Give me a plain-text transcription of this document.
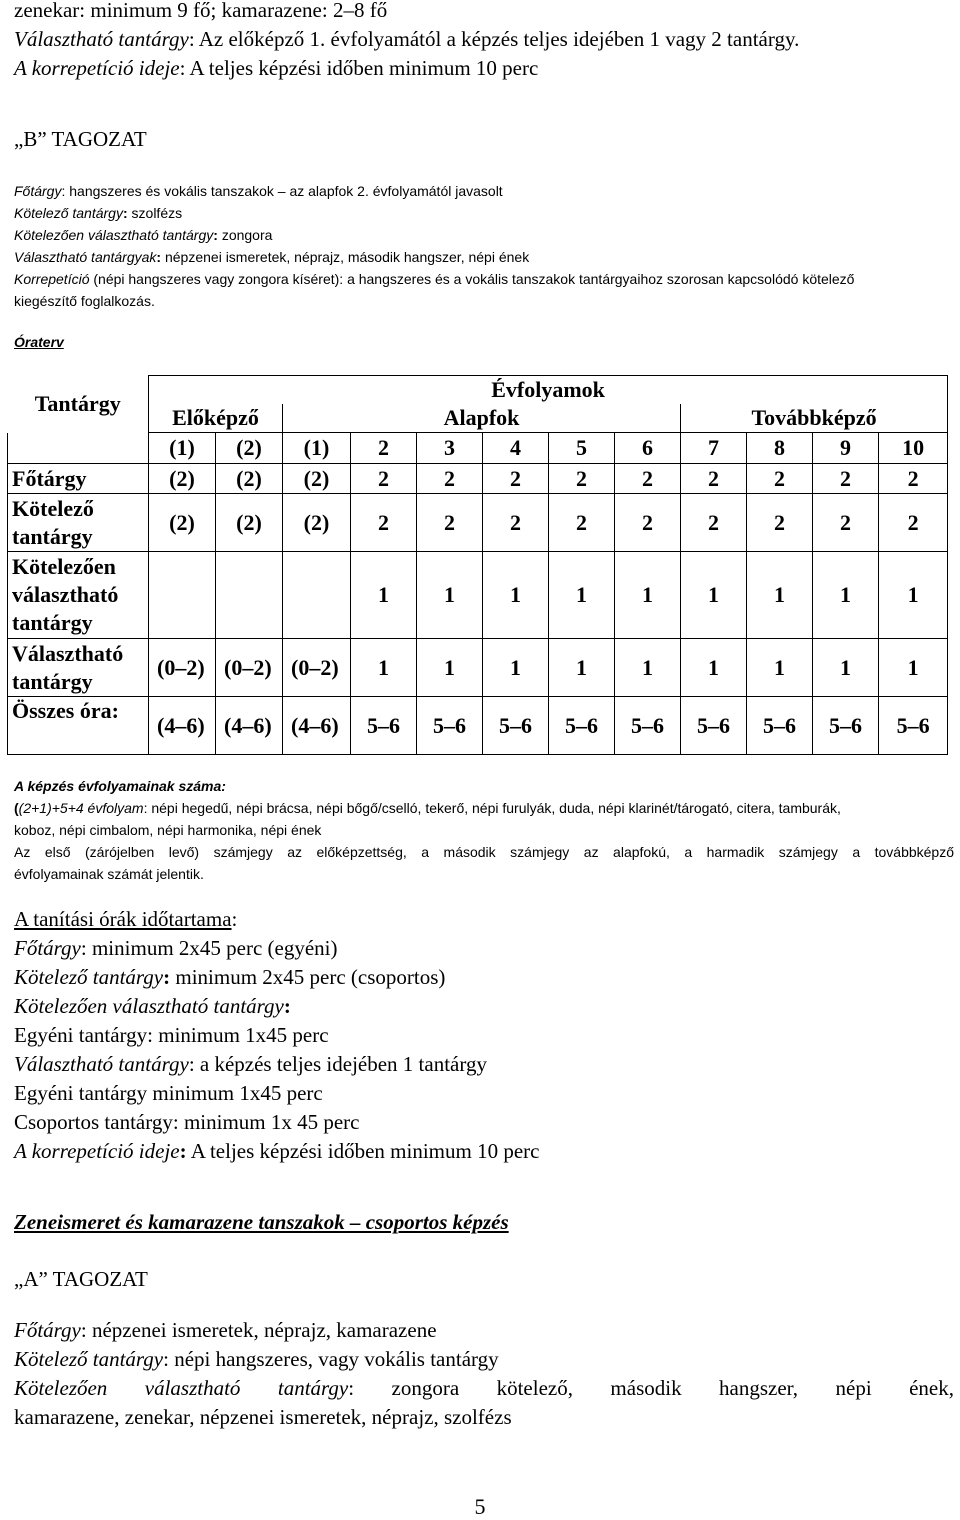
zenekar: minimum 9 fő; kamarazene: 2–8 fő
Választható tantárgy: Az előképző 1. évfolyamától a képzés teljes idejében 1 vagy 2 tantárgy.
A korrepetíció ideje: A teljes képzési időben minimum 10 perc
„B” TAGOZAT
Főtárgy: hangszeres és vokális tanszakok – az alapfok 2. évfolyamától javasolt
Kötelező tantárgy: szolfézs
Kötelezően választható tantárgy: zongora
Választható tantárgyak: népzenei ismeretek, néprajz, második hangszer, népi ének
Korrepetíció (népi hangszeres vagy zongora kíséret): a hangszeres és a vokális tanszakok tantárgyaihoz szorosan kapcsolódó kötelező
kiegészítő foglalkozás.
Óraterv
Tantárgy	Évfolyamok											
	Előképző		Alapfok						Továbbképző			
	(1)	(2)	(1)	2	3	4	5	6	7	8	9	10
Főtárgy	(2)	(2)	(2)	2	2	2	2	2	2	2	2	2
Kötelező tantárgy	(2)	(2)	(2)	2	2	2	2	2	2	2	2	2
Kötelezően választható tantárgy				1	1	1	1	1	1	1	1	1
Választható tantárgy	(0–2)	(0–2)	(0–2)	1	1	1	1	1	1	1	1	1
Összes óra:	(4–6)	(4–6)	(4–6)	5–6	5–6	5–6	5–6	5–6	5–6	5–6	5–6	5–6
A képzés évfolyamainak száma:
((2+1)+5+4 évfolyam: népi hegedű, népi brácsa, népi bőgő/cselló, tekerő, népi furulyák, duda, népi klarinét/tárogató, citera, tamburák,
koboz, népi cimbalom, népi harmonika, népi ének
Az első (zárójelben levő) számjegy az előképzettség, a második számjegy az alapfokú, a harmadik számjegy a továbbképző
évfolyamainak számát jelentik.
A tanítási órák időtartama:
Főtárgy: minimum 2x45 perc (egyéni)
Kötelező tantárgy: minimum 2x45 perc (csoportos)
Kötelezően választható tantárgy:
Egyéni tantárgy: minimum 1x45 perc
Választható tantárgy: a képzés teljes idejében 1 tantárgy
Egyéni tantárgy minimum 1x45 perc
Csoportos tantárgy: minimum 1x 45 perc
A korrepetíció ideje: A teljes képzési időben minimum 10 perc
Zeneismeret és kamarazene tanszakok – csoportos képzés
„A” TAGOZAT
Főtárgy: népzenei ismeretek, néprajz, kamarazene
Kötelező tantárgy: népi hangszeres, vagy vokális tantárgy
Kötelezően választható tantárgy: zongora kötelező, második hangszer, népi ének,
kamarazene, zenekar, népzenei ismeretek, néprajz, szolfézs
5
